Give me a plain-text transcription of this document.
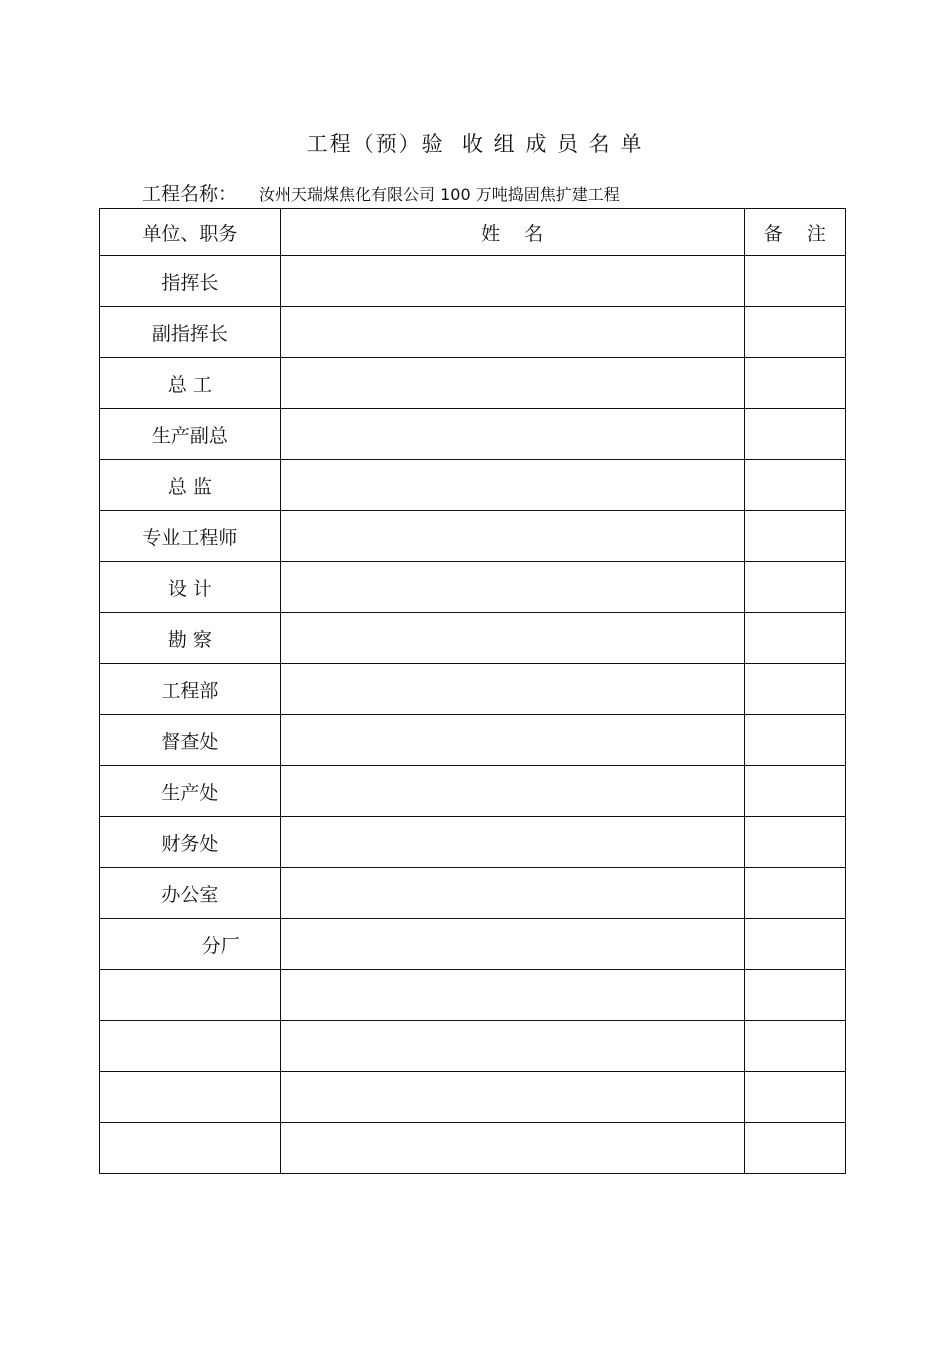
工程（预）验  收 组 成 员 名 单
工程名称： 汝州天瑞煤焦化有限公司 100 万吨捣固焦扩建工程
单位、职务	姓    名	备    注
指挥长		
副指挥长		
总 工		
生产副总		
总 监		
专业工程师		
设 计		
勘 察		
工程部		
督查处		
生产处		
财务处		
办公室		
分厂		
